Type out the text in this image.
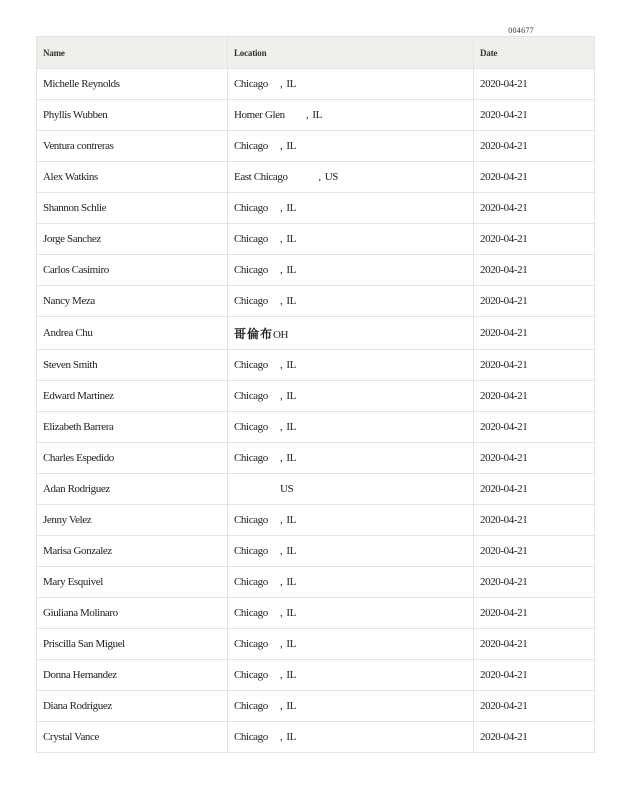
004677
Name	Location	Date
Michelle Reynolds	Chicago , IL	2020-04-21
Phyllis Wubben	Homer Glen , IL	2020-04-21
Ventura contreras	Chicago , IL	2020-04-21
Alex Watkins	East Chicago , US	2020-04-21
Shannon Schlie	Chicago , IL	2020-04-21
Jorge Sanchez	Chicago , IL	2020-04-21
Carlos Casimiro	Chicago , IL	2020-04-21
Nancy Meza	Chicago , IL	2020-04-21
Andrea Chu	哥倫布OH	2020-04-21
Steven Smith	Chicago , IL	2020-04-21
Edward Martinez	Chicago , IL	2020-04-21
Elizabeth Barrera	Chicago , IL	2020-04-21
Charles Espedido	Chicago , IL	2020-04-21
Adan Rodriguez	US	2020-04-21
Jenny Velez	Chicago , IL	2020-04-21
Marisa Gonzalez	Chicago , IL	2020-04-21
Mary Esquivel	Chicago , IL	2020-04-21
Giuliana Molinaro	Chicago , IL	2020-04-21
Priscilla San Miguel	Chicago , IL	2020-04-21
Donna Hernandez	Chicago , IL	2020-04-21
Diana Rodriguez	Chicago , IL	2020-04-21
Crystal Vance	Chicago , IL	2020-04-21
